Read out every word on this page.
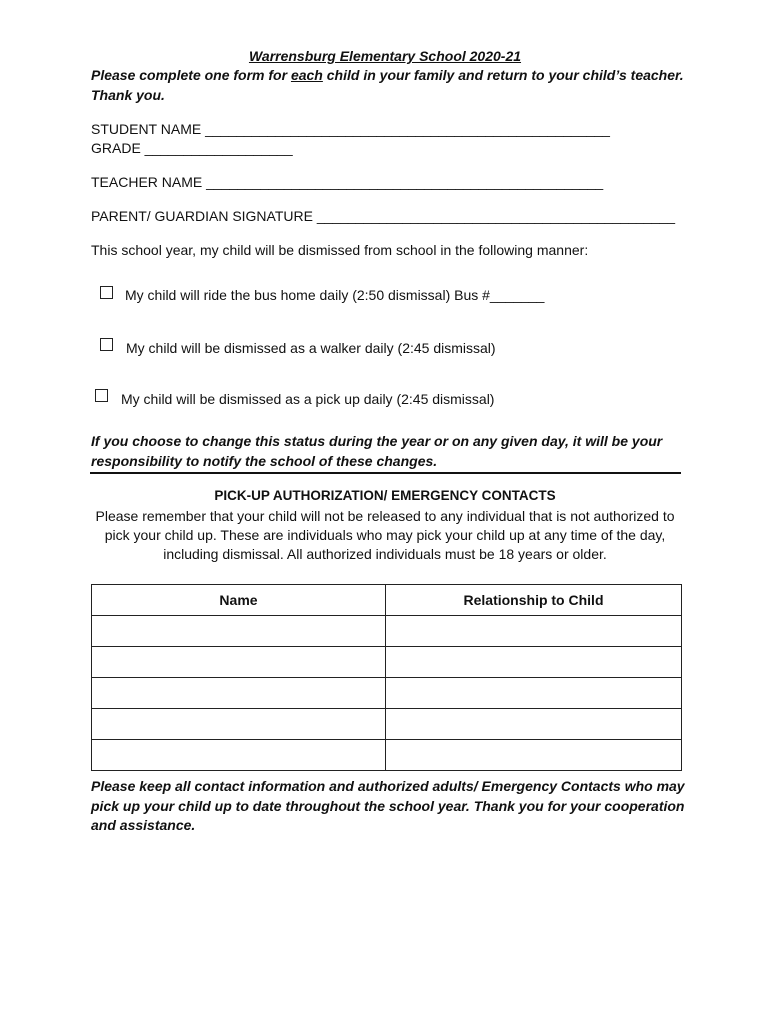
Warrensburg Elementary School 2020-21
Please complete one form for each child in your family and return to your child’s teacher.
Thank you.
STUDENT NAME ____________________________________________________
GRADE ___________________
TEACHER NAME ___________________________________________________
PARENT/ GUARDIAN SIGNATURE ______________________________________________
This school year, my child will be dismissed from school in the following manner:
My child will ride the bus home daily (2:50 dismissal) Bus #_______
My child will be dismissed as a walker daily (2:45 dismissal)
My child will be dismissed as a pick up daily (2:45 dismissal)
If you choose to change this status during the year or on any given day, it will be your
responsibility to notify the school of these changes.
PICK-UP AUTHORIZATION/ EMERGENCY CONTACTS
Please remember that your child will not be released to any individual that is not authorized to
pick your child up. These are individuals who may pick your child up at any time of the day,
including dismissal. All authorized individuals must be 18 years or older.
Name	Relationship to Child

Please keep all contact information and authorized adults/ Emergency Contacts who may
pick up your child up to date throughout the school year. Thank you for your cooperation
and assistance.
